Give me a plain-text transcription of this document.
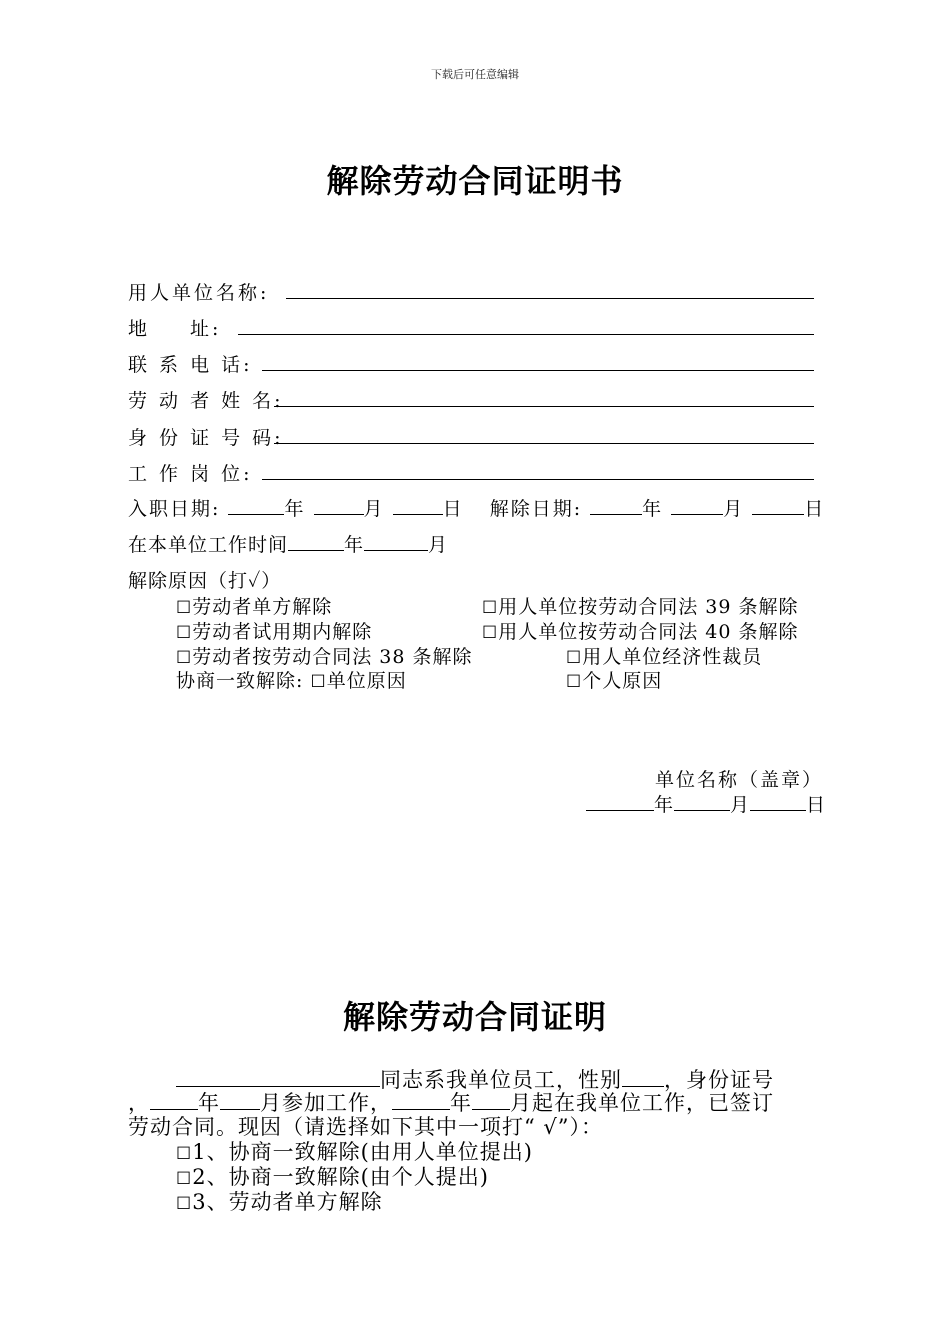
下载后可任意编辑
解除劳动合同证明书
用人单位名称:
地 址:
联 系 电 话:
劳 动 者 姓 名:
身 份 证 号 码:
工 作 岗 位:
入职日期:	年	月	日 解除日期:	年	月	日
在本单位工作时间	年	月
解除原因（打✓）
☐劳动者单方解除	☐用人单位按劳动合同法 39 条解除
☐劳动者试用期内解除	☐用人单位按劳动合同法 40 条解除
☐劳动者按劳动合同法 38 条解除	☐用人单位经济性裁员
协商一致解除: ☐单位原因	☐个人原因
单位名称（盖章）
年	月	日
解除劳动合同证明
同志系我单位员工，性别 ，身份证号
， 年 月参加工作，	年 月起在我单位工作，已签订
劳动合同。现因（请选择如下其中一项打“ √”）：
☐1、协商一致解除(由用人单位提出)
☐2、协商一致解除(由个人提出)
☐3、劳动者单方解除
